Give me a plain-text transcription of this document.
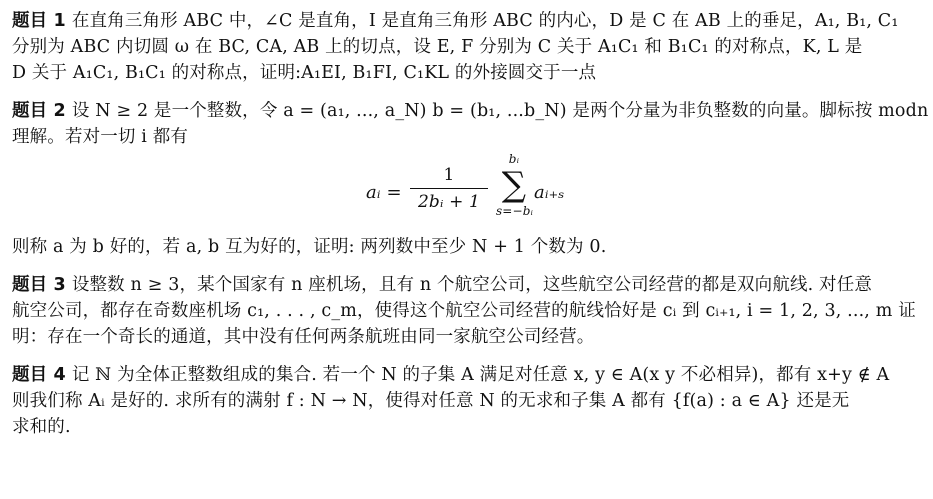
题目 1 在直角三角形 ABC 中，∠C 是直角，I 是直角三角形 ABC 的内心，D 是 C 在 AB 上的垂足，A₁, B₁, C₁
分别为 ABC 内切圆 ω 在 BC, CA, AB 上的切点，设 E, F 分别为 C 关于 A₁C₁ 和 B₁C₁ 的对称点，K, L 是
D 关于 A₁C₁, B₁C₁ 的对称点，证明:A₁EI, B₁FI, C₁KL 的外接圆交于一点
题目 2 设 N ≥ 2 是一个整数，令 a = (a₁, ..., a_N) b = (b₁, ...b_N) 是两个分量为非负整数的向量。脚标按 modn
理解。若对一切 i 都有
aᵢ =
1
2bᵢ + 1
bᵢ
∑
s=−bᵢ
aᵢ₊ₛ
则称 a 为 b 好的，若 a, b 互为好的，证明: 两列数中至少 N + 1 个数为 0.
题目 3 设整数 n ≥ 3，某个国家有 n 座机场，且有 n 个航空公司，这些航空公司经营的都是双向航线. 对任意
航空公司，都存在奇数座机场 c₁, . . . , c_m，使得这个航空公司经营的航线恰好是 cᵢ 到 cᵢ₊₁, i = 1, 2, 3, ..., m 证
明：存在一个奇长的通道，其中没有任何两条航班由同一家航空公司经营。
题目 4 记 ℕ 为全体正整数组成的集合. 若一个 N 的子集 A 满足对任意 x, y ∈ A(x y 不必相异)，都有 x+y ∉ A
则我们称 Aᵢ 是好的. 求所有的满射 f : N → N，使得对任意 N 的无求和子集 A 都有 {f(a) : a ∈ A} 还是无
求和的.
